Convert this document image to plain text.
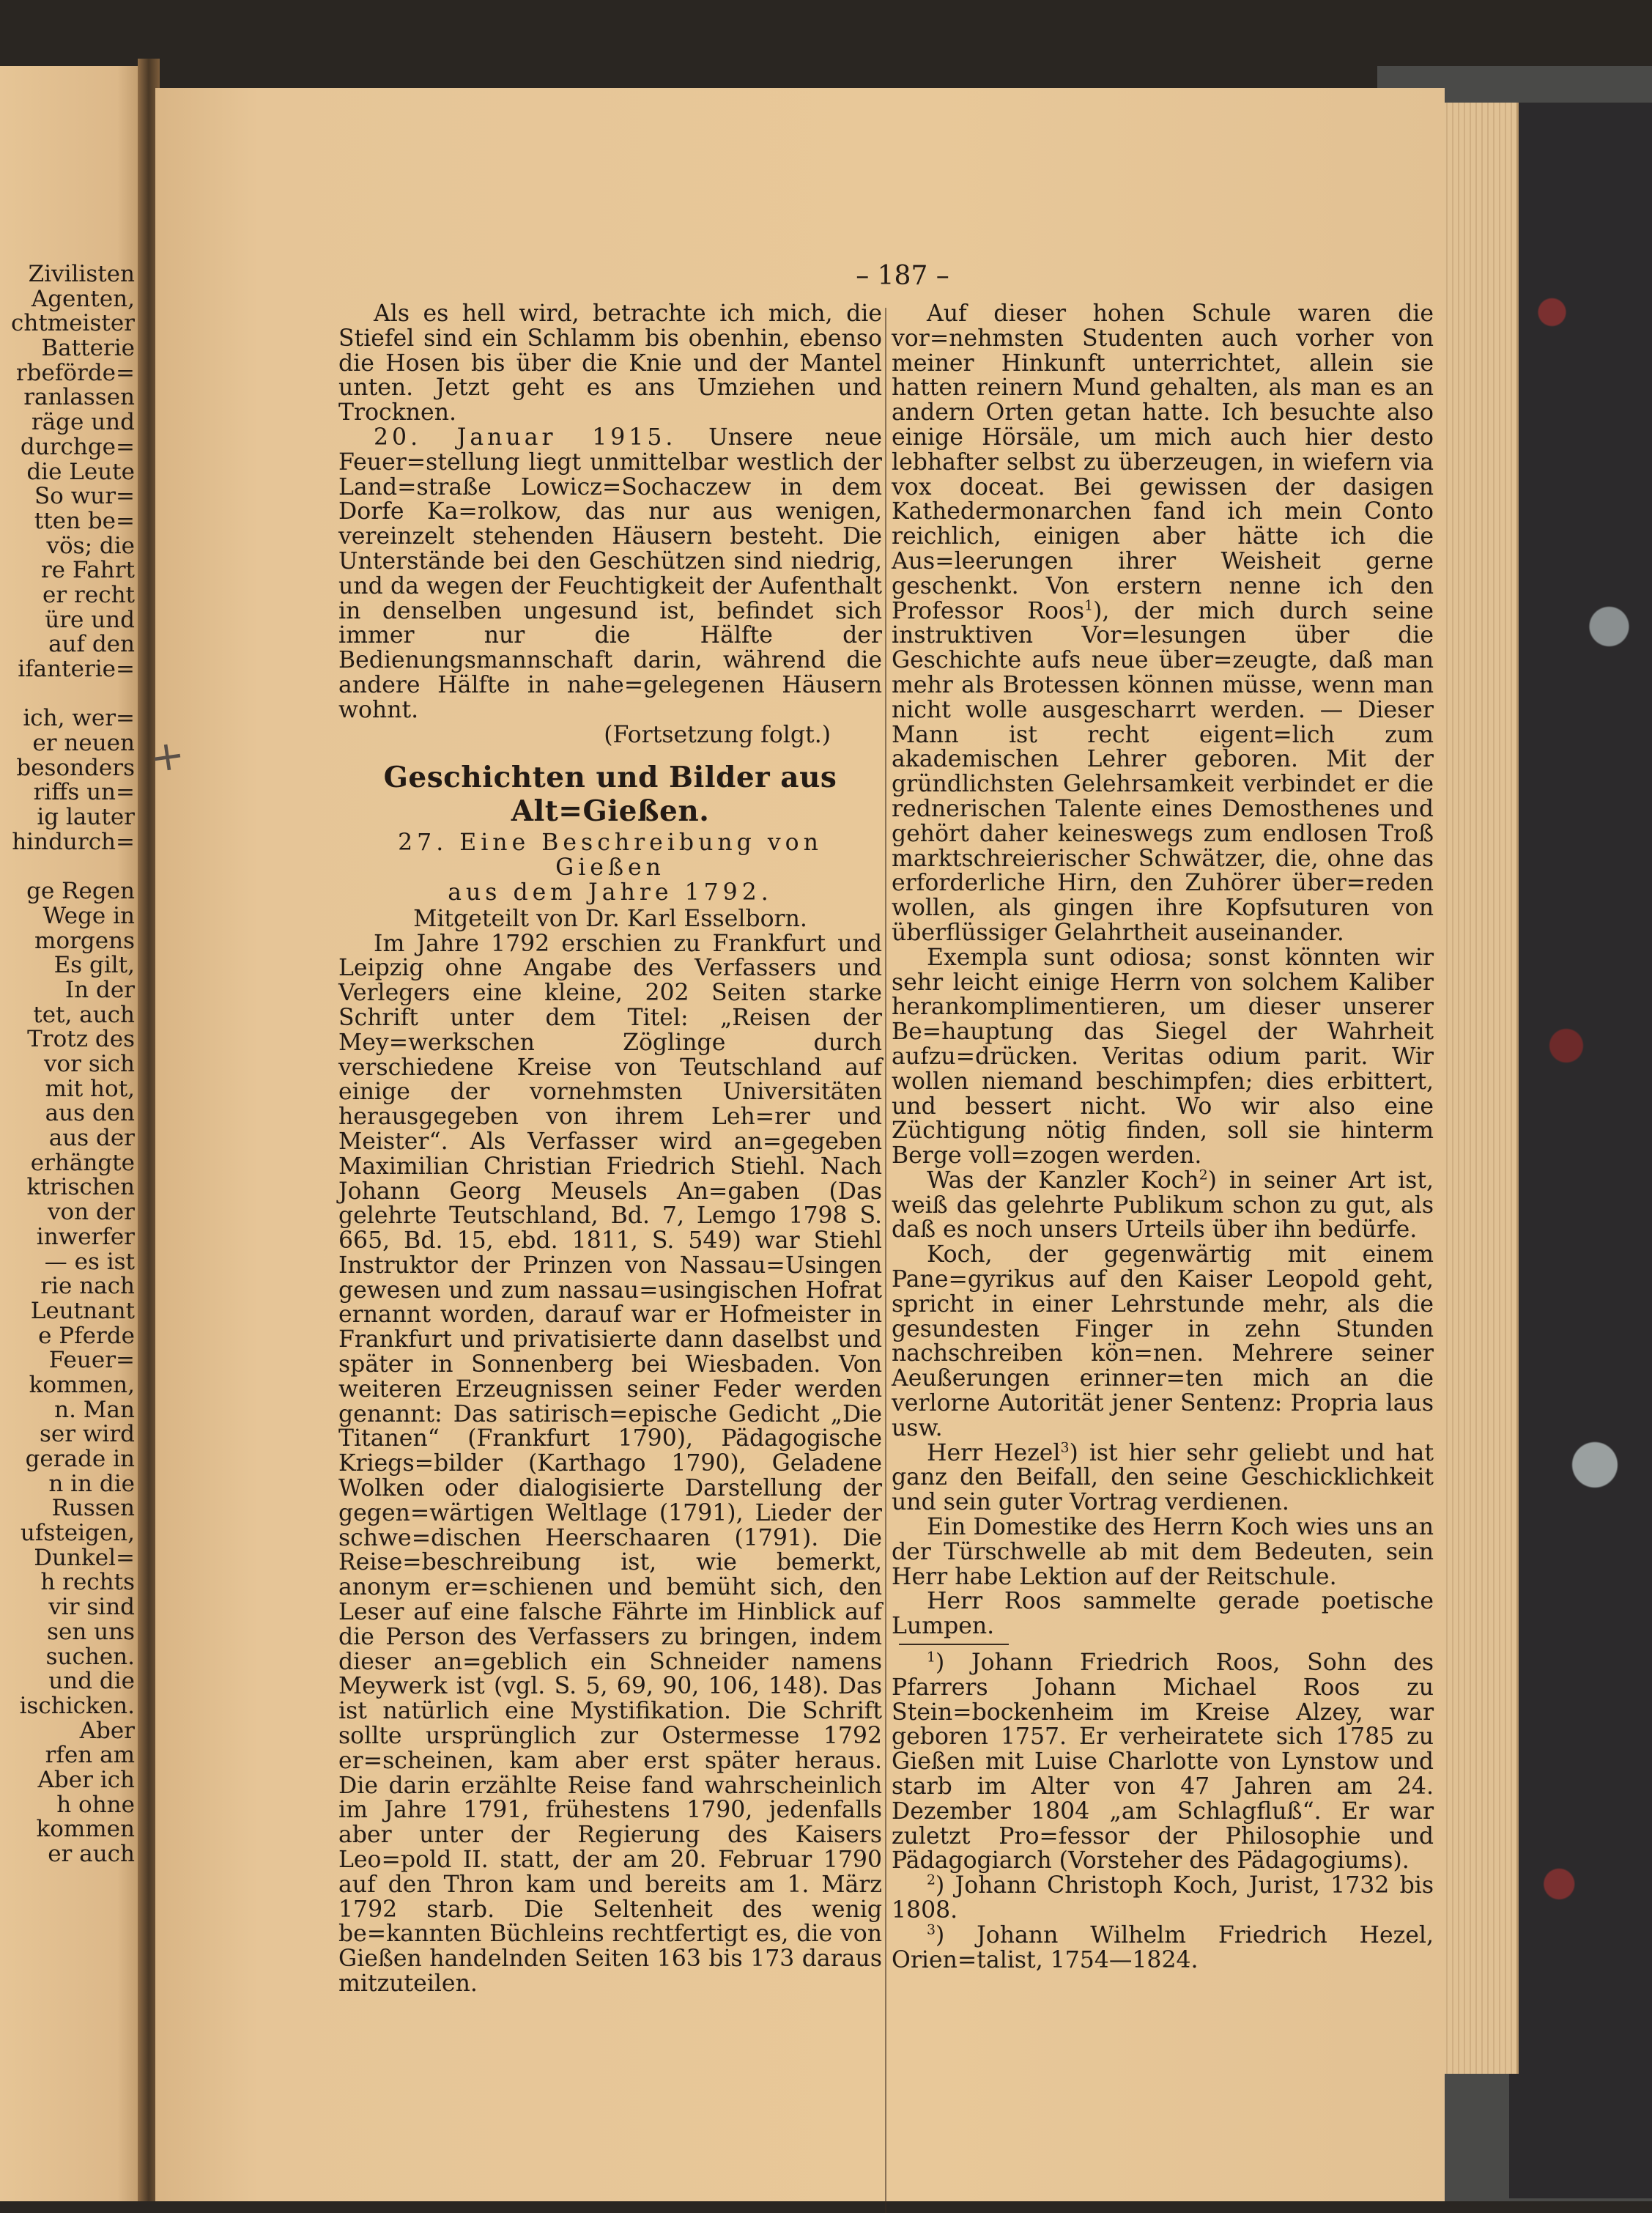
Zivilisten
Agenten,
chtmeister
Batterie
rbeförde=
ranlassen
räge und
durchge=
die Leute
So wur=
tten be=
vös; die
re Fahrt
er recht
üre und
auf den
ifanterie=
ich, wer=
er neuen
besonders
riffs un=
ig lauter
hindurch=
ge Regen
Wege in
morgens
Es gilt,
In der
tet, auch
Trotz des
vor sich
mit hot,
aus den
aus der
erhängte
ktrischen
von der
inwerfer
— es ist
rie nach
Leutnant
e Pferde
Feuer=
kommen,
n. Man
ser wird
gerade in
n in die
Russen
ufsteigen,
Dunkel=
h rechts
vir sind
sen uns
suchen.
und die
ischicken.
Aber
rfen am
Aber ich
h ohne
kommen
er auch
– 187 –

Als es hell wird, betrachte ich mich, die Stiefel sind ein Schlamm bis obenhin, ebenso die Hosen bis über die Knie und der Mantel unten. Jetzt geht es ans Umziehen und Trocknen.

20. Januar 1915. Unsere neue Feuer=stellung liegt unmittelbar westlich der Land=straße Lowicz=Sochaczew in dem Dorfe Ka=rolkow, das nur aus wenigen, vereinzelt stehenden Häusern besteht. Die Unterstände bei den Geschützen sind niedrig, und da wegen der Feuchtigkeit der Aufenthalt in denselben ungesund ist, befindet sich immer nur die Hälfte der Bedienungsmannschaft darin, während die andere Hälfte in nahe=gelegenen Häusern wohnt.

(Fortsetzung folgt.)

Geschichten und Bilder aus Alt=Gießen.

27. Eine Beschreibung von Gießen

aus dem Jahre 1792.

Mitgeteilt von Dr. Karl Esselborn.

Im Jahre 1792 erschien zu Frankfurt und Leipzig ohne Angabe des Verfassers und Verlegers eine kleine, 202 Seiten starke Schrift unter dem Titel: „Reisen der Mey=werkschen Zöglinge durch verschiedene Kreise von Teutschland auf einige der vornehmsten Universitäten herausgegeben von ihrem Leh=rer und Meister“. Als Verfasser wird an=gegeben Maximilian Christian Friedrich Stiehl. Nach Johann Georg Meusels An=gaben (Das gelehrte Teutschland, Bd. 7, Lemgo 1798 S. 665, Bd. 15, ebd. 1811, S. 549) war Stiehl Instruktor der Prinzen von Nassau=Usingen gewesen und zum nassau=usingischen Hofrat ernannt worden, darauf war er Hofmeister in Frankfurt und privatisierte dann daselbst und später in Sonnenberg bei Wiesbaden. Von weiteren Erzeugnissen seiner Feder werden genannt: Das satirisch=epische Gedicht „Die Titanen“ (Frankfurt 1790), Pädagogische Kriegs=bilder (Karthago 1790), Geladene Wolken oder dialogisierte Darstellung der gegen=wärtigen Weltlage (1791), Lieder der schwe=dischen Heerschaaren (1791). Die Reise=beschreibung ist, wie bemerkt, anonym er=schienen und bemüht sich, den Leser auf eine falsche Fährte im Hinblick auf die Person des Verfassers zu bringen, indem dieser an=geblich ein Schneider namens Meywerk ist (vgl. S. 5, 69, 90, 106, 148). Das ist natürlich eine Mystifikation. Die Schrift sollte ursprünglich zur Ostermesse 1792 er=scheinen, kam aber erst später heraus. Die darin erzählte Reise fand wahrscheinlich im Jahre 1791, frühestens 1790, jedenfalls aber unter der Regierung des Kaisers Leo=pold II. statt, der am 20. Februar 1790 auf den Thron kam und bereits am 1. März 1792 starb. Die Seltenheit des wenig be=kannten Büchleins rechtfertigt es, die von Gießen handelnden Seiten 163 bis 173 daraus mitzuteilen.

Auf dieser hohen Schule waren die vor=nehmsten Studenten auch vorher von meiner Hinkunft unterrichtet, allein sie hatten reinern Mund gehalten, als man es an andern Orten getan hatte. Ich besuchte also einige Hörsäle, um mich auch hier desto lebhafter selbst zu überzeugen, in wiefern via vox doceat. Bei gewissen der dasigen Kathedermonarchen fand ich mein Conto reichlich, einigen aber hätte ich die Aus=leerungen ihrer Weisheit gerne geschenkt. Von erstern nenne ich den Professor Roos$^1$), der mich durch seine instruktiven Vor=lesungen über die Geschichte aufs neue über=zeugte, daß man mehr als Brotessen können müsse, wenn man nicht wolle ausgescharrt werden. — Dieser Mann ist recht eigent=lich zum akademischen Lehrer geboren. Mit der gründlichsten Gelehrsamkeit verbindet er die rednerischen Talente eines Demosthenes und gehört daher keineswegs zum endlosen Troß marktschreierischer Schwätzer, die, ohne das erforderliche Hirn, den Zuhörer über=reden wollen, als gingen ihre Kopfsuturen von überflüssiger Gelahrtheit auseinander.

Exempla sunt odiosa; sonst könnten wir sehr leicht einige Herrn von solchem Kaliber herankomplimentieren, um dieser unserer Be=hauptung das Siegel der Wahrheit aufzu=drücken. Veritas odium parit. Wir wollen niemand beschimpfen; dies erbittert, und bessert nicht. Wo wir also eine Züchtigung nötig finden, soll sie hinterm Berge voll=zogen werden.

Was der Kanzler Koch$^2$) in seiner Art ist, weiß das gelehrte Publikum schon zu gut, als daß es noch unsers Urteils über ihn bedürfe.

Koch, der gegenwärtig mit einem Pane=gyrikus auf den Kaiser Leopold geht, spricht in einer Lehrstunde mehr, als die gesundesten Finger in zehn Stunden nachschreiben kön=nen. Mehrere seiner Aeußerungen erinner=ten mich an die verlorne Autorität jener Sentenz: Propria laus usw.

Herr Hezel$^3$) ist hier sehr geliebt und hat ganz den Beifall, den seine Geschicklichkeit und sein guter Vortrag verdienen.

Ein Domestike des Herrn Koch wies uns an der Türschwelle ab mit dem Bedeuten, sein Herr habe Lektion auf der Reitschule.

Herr Roos sammelte gerade poetische Lumpen.

$^1$) Johann Friedrich Roos, Sohn des Pfarrers Johann Michael Roos zu Stein=bockenheim im Kreise Alzey, war geboren 1757. Er verheiratete sich 1785 zu Gießen mit Luise Charlotte von Lynstow und starb im Alter von 47 Jahren am 24. Dezember 1804 „am Schlagfluß“. Er war zuletzt Pro=fessor der Philosophie und Pädagogiarch (Vorsteher des Pädagogiums).

$^2$) Johann Christoph Koch, Jurist, 1732 bis 1808.

$^3$) Johann Wilhelm Friedrich Hezel, Orien=talist, 1754—1824.

+
